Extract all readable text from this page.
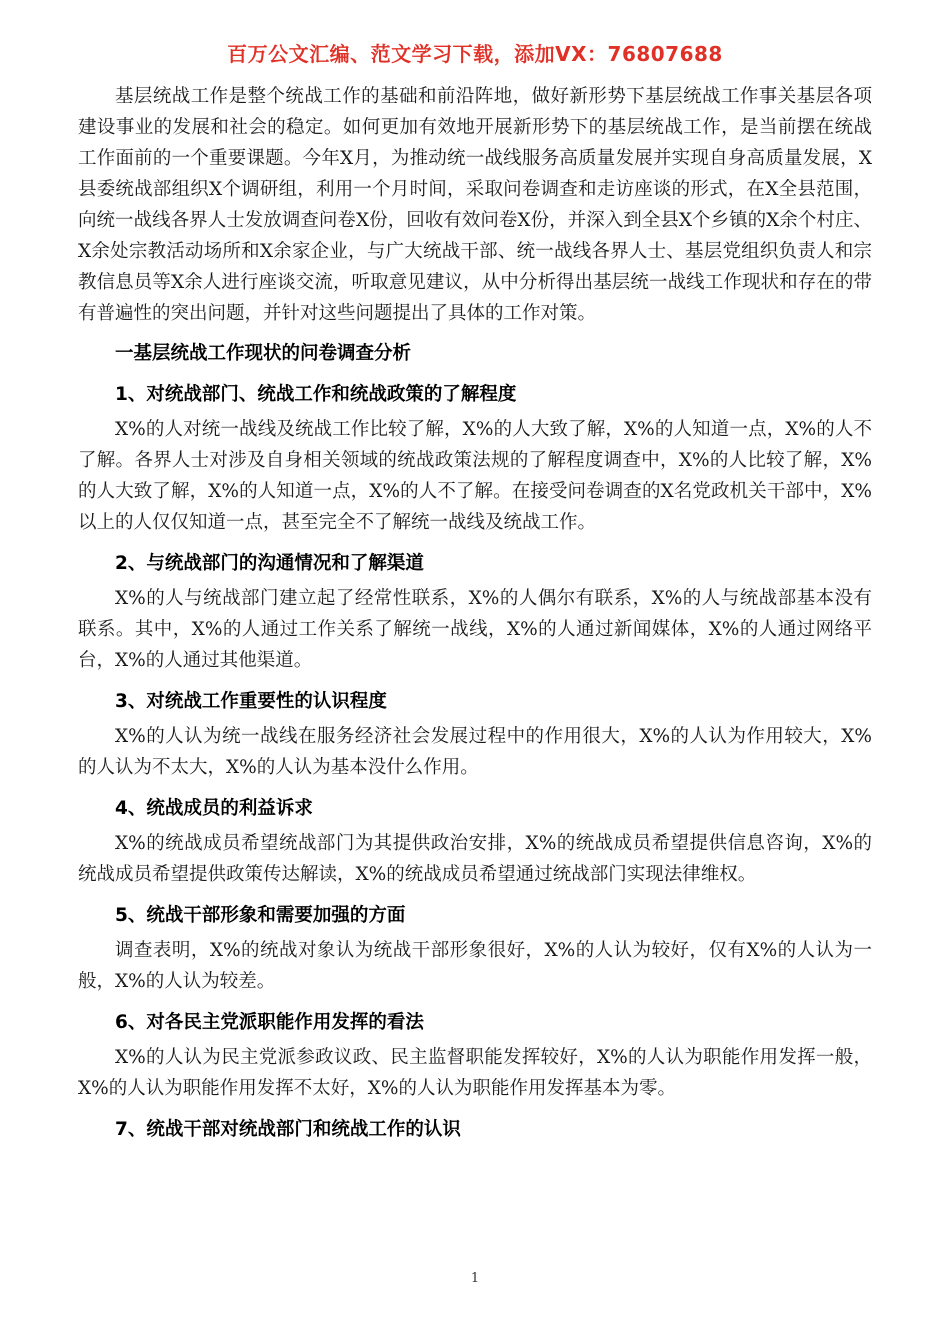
百万公文汇编、范文学习下载，添加VX：76807688

基层统战工作是整个统战工作的基础和前沿阵地，做好新形势下基层统战工作事关基层各项建设事业的发展和社会的稳定。如何更加有效地开展新形势下的基层统战工作，是当前摆在统战工作面前的一个重要课题。今年X月，为推动统一战线服务高质量发展并实现自身高质量发展，X县委统战部组织X个调研组，利用一个月时间，采取问卷调查和走访座谈的形式，在X全县范围，向统一战线各界人士发放调查问卷X份，回收有效问卷X份，并深入到全县X个乡镇的X余个村庄、X余处宗教活动场所和X余家企业，与广大统战干部、统一战线各界人士、基层党组织负责人和宗教信息员等X余人进行座谈交流，听取意见建议，从中分析得出基层统一战线工作现状和存在的带有普遍性的突出问题，并针对这些问题提出了具体的工作对策。

一基层统战工作现状的问卷调查分析

1、对统战部门、统战工作和统战政策的了解程度

X%的人对统一战线及统战工作比较了解，X%的人大致了解，X%的人知道一点，X%的人不了解。各界人士对涉及自身相关领域的统战政策法规的了解程度调查中，X%的人比较了解，X%的人大致了解，X%的人知道一点，X%的人不了解。在接受问卷调查的X名党政机关干部中，X%以上的人仅仅知道一点，甚至完全不了解统一战线及统战工作。

2、与统战部门的沟通情况和了解渠道

X%的人与统战部门建立起了经常性联系，X%的人偶尔有联系，X%的人与统战部基本没有联系。其中，X%的人通过工作关系了解统一战线，X%的人通过新闻媒体，X%的人通过网络平台，X%的人通过其他渠道。

3、对统战工作重要性的认识程度

X%的人认为统一战线在服务经济社会发展过程中的作用很大，X%的人认为作用较大，X%的人认为不太大，X%的人认为基本没什么作用。

4、统战成员的利益诉求

X%的统战成员希望统战部门为其提供政治安排，X%的统战成员希望提供信息咨询，X%的统战成员希望提供政策传达解读，X%的统战成员希望通过统战部门实现法律维权。

5、统战干部形象和需要加强的方面

调查表明，X%的统战对象认为统战干部形象很好，X%的人认为较好，仅有X%的人认为一般，X%的人认为较差。

6、对各民主党派职能作用发挥的看法

X%的人认为民主党派参政议政、民主监督职能发挥较好，X%的人认为职能作用发挥一般，X%的人认为职能作用发挥不太好，X%的人认为职能作用发挥基本为零。

7、统战干部对统战部门和统战工作的认识

1
